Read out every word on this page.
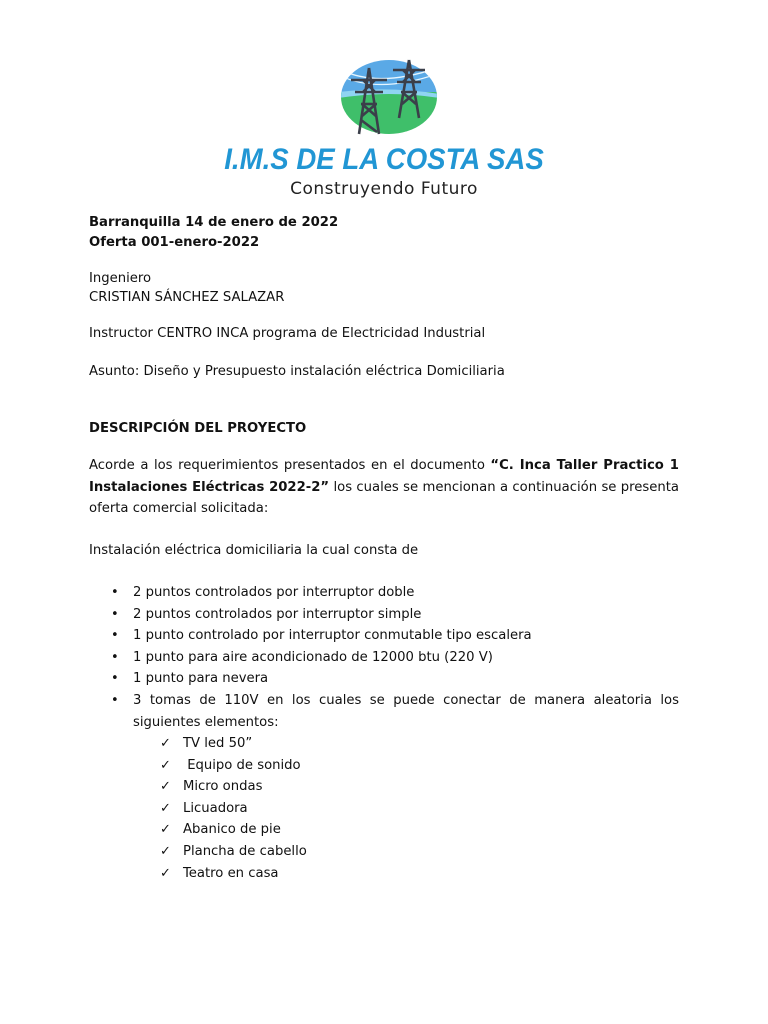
I.M.S DE LA COSTA SAS
Construyendo Futuro
Barranquilla 14 de enero de 2022
Oferta 001-enero-2022
Ingeniero
CRISTIAN SÁNCHEZ SALAZAR
Instructor CENTRO INCA programa de Electricidad Industrial
Asunto: Diseño y Presupuesto instalación eléctrica Domiciliaria
DESCRIPCIÓN DEL PROYECTO
Acorde a los requerimientos presentados en el documento “C. Inca Taller Practico 1 Instalaciones Eléctricas 2022-2” los cuales se mencionan a continuación se presenta oferta comercial solicitada:
Instalación eléctrica domiciliaria la cual consta de
• 2 puntos controlados por interruptor doble
• 2 puntos controlados por interruptor simple
• 1 punto controlado por interruptor conmutable tipo escalera
• 1 punto para aire acondicionado de 12000 btu (220 V)
• 1 punto para nevera
• 3 tomas de 110V en los cuales se puede conectar de manera aleatoria los siguientes elementos:
✓ TV led 50”
✓ Equipo de sonido
✓ Micro ondas
✓ Licuadora
✓ Abanico de pie
✓ Plancha de cabello
✓ Teatro en casa
